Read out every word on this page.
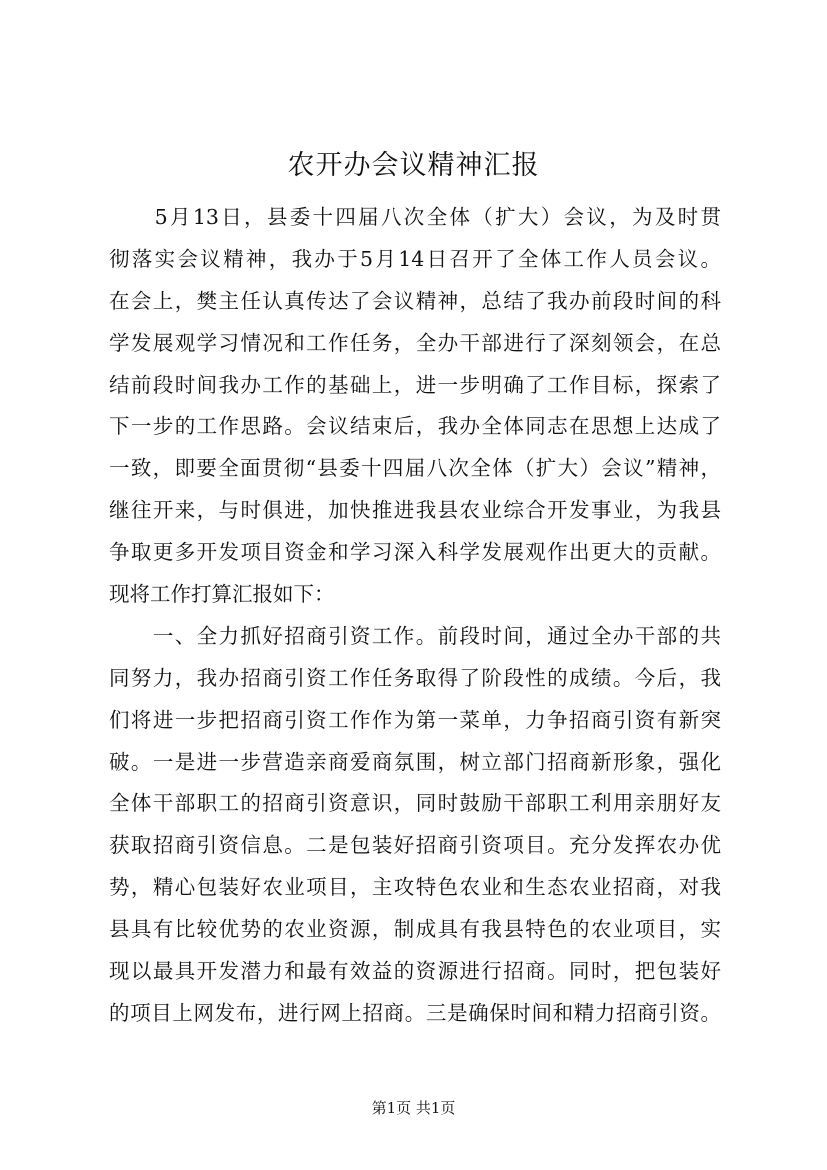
农开办会议精神汇报
　　5月13日，县委十四届八次全体（扩大）会议，为及时贯
彻落实会议精神，我办于5月14日召开了全体工作人员会议。
在会上，樊主任认真传达了会议精神，总结了我办前段时间的科
学发展观学习情况和工作任务，全办干部进行了深刻领会，在总
结前段时间我办工作的基础上，进一步明确了工作目标，探索了
下一步的工作思路。会议结束后，我办全体同志在思想上达成了
一致，即要全面贯彻“县委十四届八次全体（扩大）会议”精神，
继往开来，与时俱进，加快推进我县农业综合开发事业，为我县
争取更多开发项目资金和学习深入科学发展观作出更大的贡献。
现将工作打算汇报如下：
　　一、全力抓好招商引资工作。前段时间，通过全办干部的共
同努力，我办招商引资工作任务取得了阶段性的成绩。今后，我
们将进一步把招商引资工作作为第一菜单，力争招商引资有新突
破。一是进一步营造亲商爱商氛围，树立部门招商新形象，强化
全体干部职工的招商引资意识，同时鼓励干部职工利用亲朋好友
获取招商引资信息。二是包装好招商引资项目。充分发挥农办优
势，精心包装好农业项目，主攻特色农业和生态农业招商，对我
县具有比较优势的农业资源，制成具有我县特色的农业项目，实
现以最具开发潜力和最有效益的资源进行招商。同时，把包装好
的项目上网发布，进行网上招商。三是确保时间和精力招商引资。
第1页 共1页
